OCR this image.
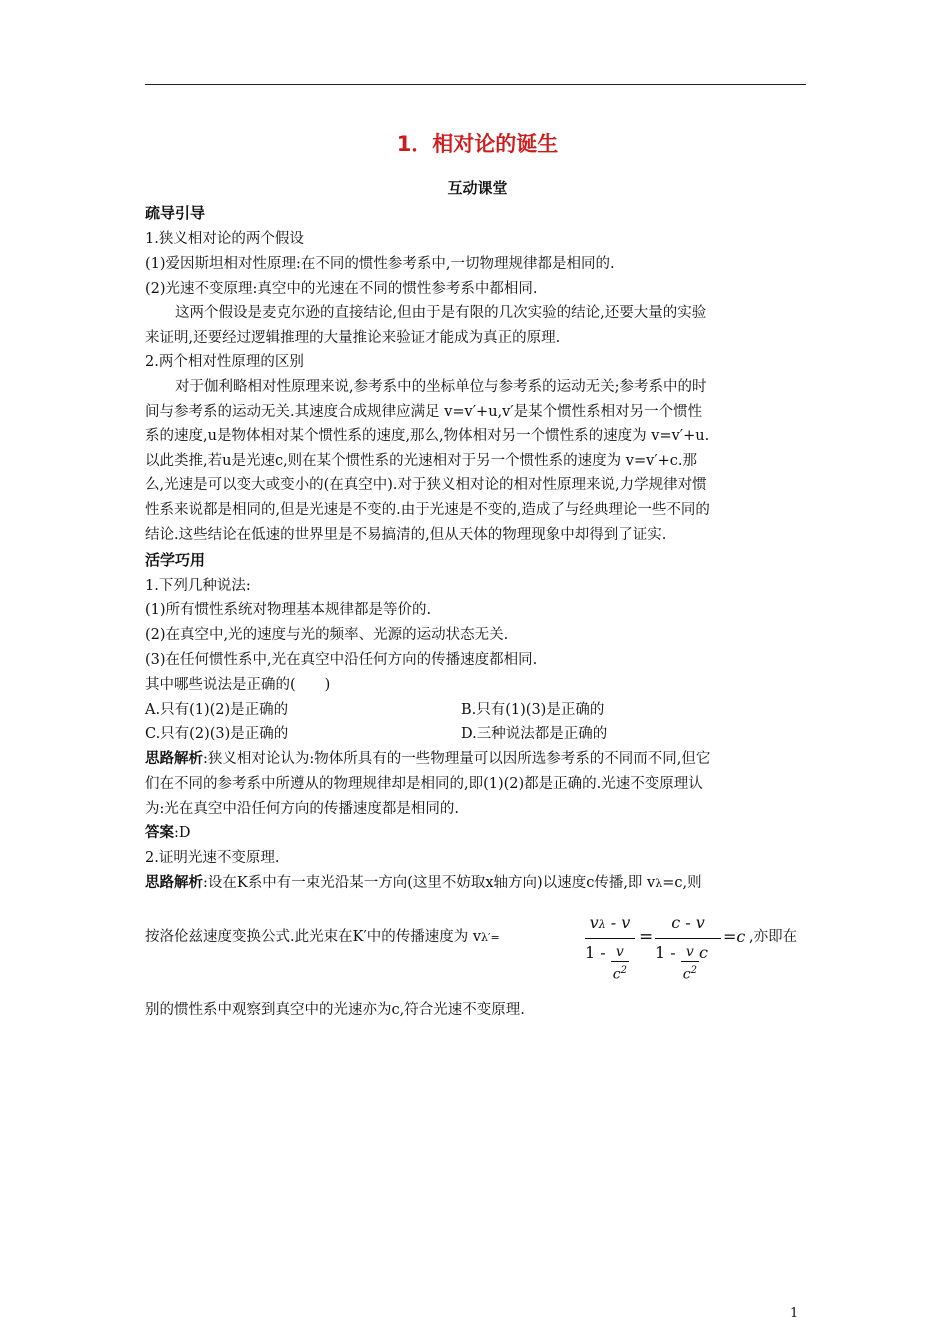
1．相对论的诞生
互动课堂
疏导引导
1.狭义相对论的两个假设
(1)爱因斯坦相对性原理:在不同的惯性参考系中,一切物理规律都是相同的.
(2)光速不变原理:真空中的光速在不同的惯性参考系中都相同.
这两个假设是麦克尔逊的直接结论,但由于是有限的几次实验的结论,还要大量的实验
来证明,还要经过逻辑推理的大量推论来验证才能成为真正的原理.
2.两个相对性原理的区别
对于伽利略相对性原理来说,参考系中的坐标单位与参考系的运动无关;参考系中的时
间与参考系的运动无关.其速度合成规律应满足 v=v′+u,v′是某个惯性系相对另一个惯性
系的速度,u是物体相对某个惯性系的速度,那么,物体相对另一个惯性系的速度为 v=v′+u.
以此类推,若u是光速c,则在某个惯性系的光速相对于另一个惯性系的速度为 v=v′+c.那
么,光速是可以变大或变小的(在真空中).对于狭义相对论的相对性原理来说,力学规律对惯
性系来说都是相同的,但是光速是不变的.由于光速是不变的,造成了与经典理论一些不同的
结论.这些结论在低速的世界里是不易搞清的,但从天体的物理现象中却得到了证实.
活学巧用
1.下列几种说法:
(1)所有惯性系统对物理基本规律都是等价的.
(2)在真空中,光的速度与光的频率、光源的运动状态无关.
(3)在任何惯性系中,光在真空中沿任何方向的传播速度都相同.
其中哪些说法是正确的(　　)
A.只有(1)(2)是正确的	B.只有(1)(3)是正确的
C.只有(2)(3)是正确的	D.三种说法都是正确的
思路解析:狭义相对论认为:物体所具有的一些物理量可以因所选参考系的不同而不同,但它
们在不同的参考系中所遵从的物理规律却是相同的,即(1)(2)都是正确的.光速不变原理认
为:光在真空中沿任何方向的传播速度都是相同的.
答案:D
2.证明光速不变原理.
思路解析:设在K系中有一束光沿某一方向(这里不妨取x轴方向)以速度c传播,即 vλ=c,则
按洛伦兹速度变换公式.此光束在K′中的传播速度为 vλ′=
vλ - v
$1 - \frac{v}{c^2}$
=
c - v
$1 - \frac{v}{c^2}c$
=c ,亦即在
别的惯性系中观察到真空中的光速亦为c,符合光速不变原理.
1
